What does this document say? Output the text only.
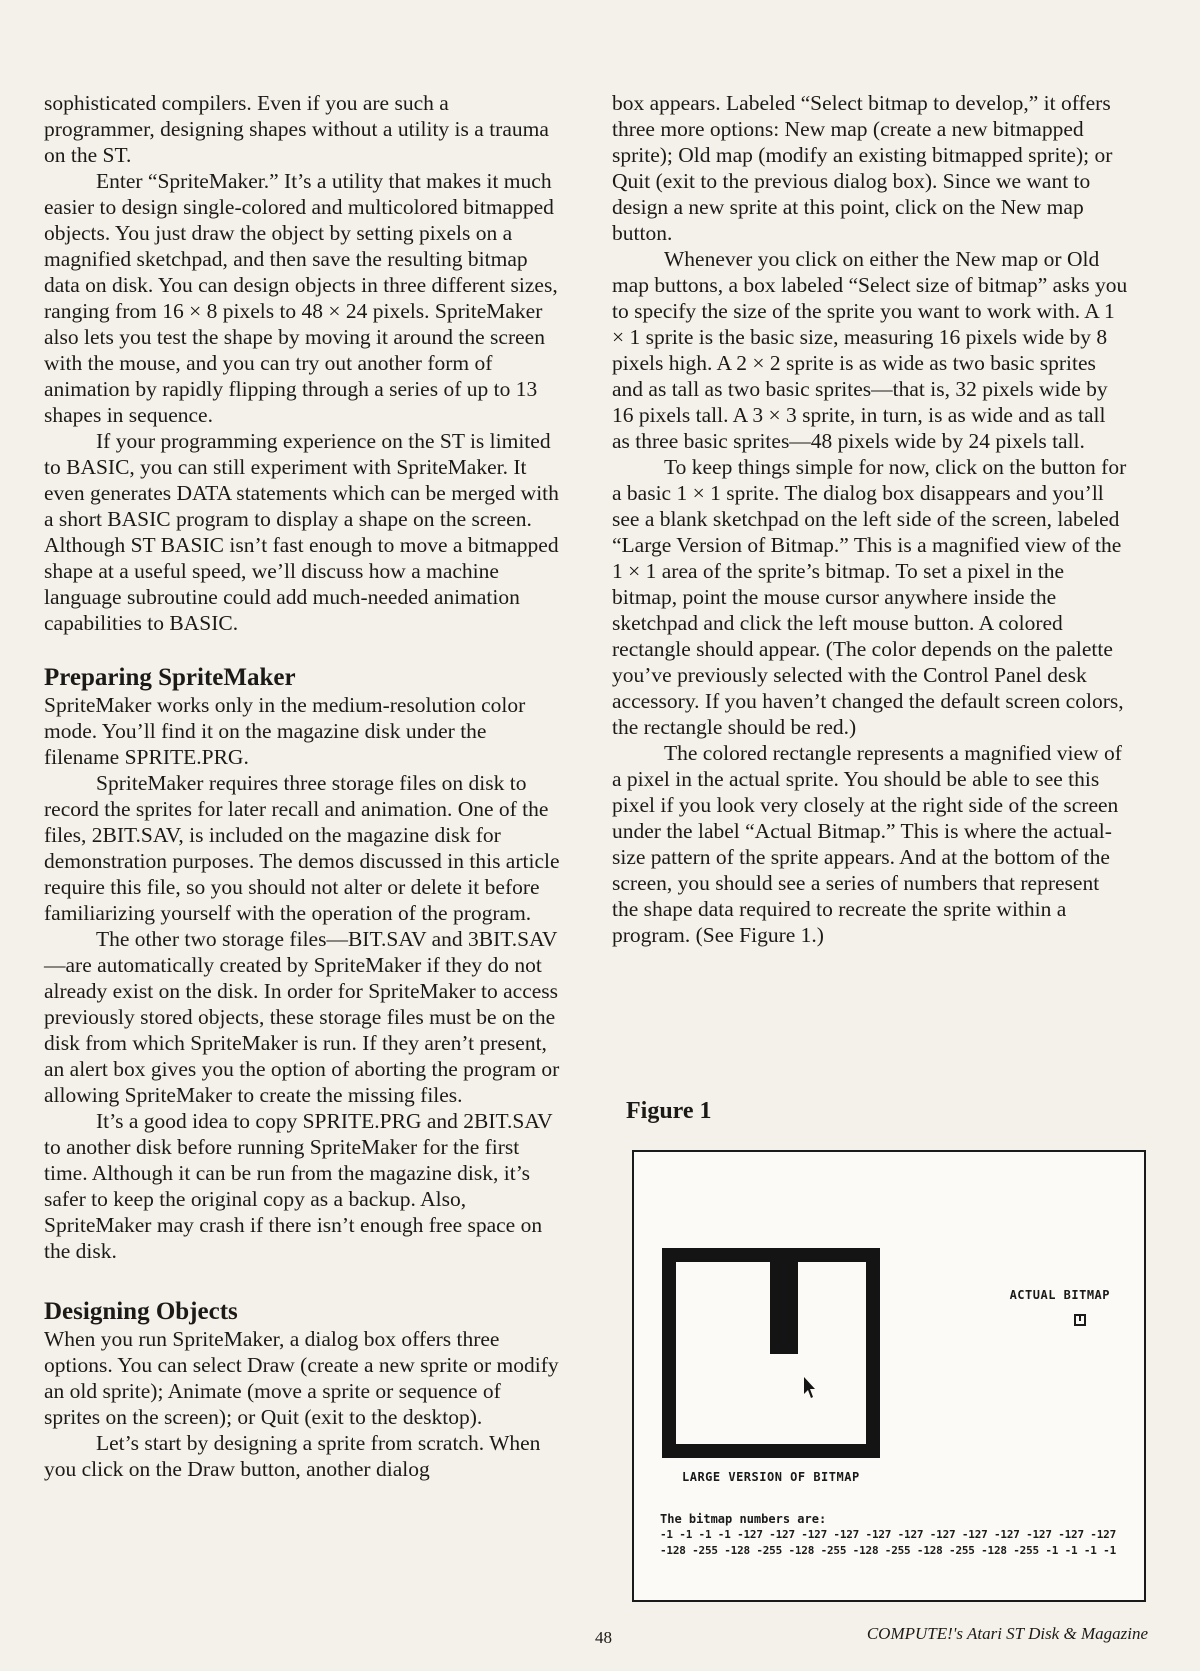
sophisticated compilers. Even if you are such a programmer, designing shapes without a utility is a trauma on the ST.

Enter “SpriteMaker.” It’s a utility that makes it much easier to design single-colored and multicolored bitmapped objects. You just draw the object by setting pixels on a magnified sketchpad, and then save the resulting bitmap data on disk. You can design objects in three different sizes, ranging from 16 × 8 pixels to 48 × 24 pixels. SpriteMaker also lets you test the shape by moving it around the screen with the mouse, and you can try out another form of animation by rapidly flipping through a series of up to 13 shapes in sequence.

If your programming experience on the ST is limited to BASIC, you can still experiment with SpriteMaker. It even generates DATA statements which can be merged with a short BASIC program to display a shape on the screen. Although ST BASIC isn’t fast enough to move a bitmapped shape at a useful speed, we’ll discuss how a machine language subroutine could add much-needed animation capabilities to BASIC.

Preparing SpriteMaker

SpriteMaker works only in the medium-resolution color mode. You’ll find it on the magazine disk under the filename SPRITE.PRG.

SpriteMaker requires three storage files on disk to record the sprites for later recall and animation. One of the files, 2BIT.SAV, is included on the magazine disk for demonstration purposes. The demos discussed in this article require this file, so you should not alter or delete it before familiarizing yourself with the operation of the program.

The other two storage files—BIT.SAV and 3BIT.SAV—are automatically created by SpriteMaker if they do not already exist on the disk. In order for SpriteMaker to access previously stored objects, these storage files must be on the disk from which SpriteMaker is run. If they aren’t present, an alert box gives you the option of aborting the program or allowing SpriteMaker to create the missing files.

It’s a good idea to copy SPRITE.PRG and 2BIT.SAV to another disk before running SpriteMaker for the first time. Although it can be run from the magazine disk, it’s safer to keep the original copy as a backup. Also, SpriteMaker may crash if there isn’t enough free space on the disk.

Designing Objects

When you run SpriteMaker, a dialog box offers three options. You can select Draw (create a new sprite or modify an old sprite); Animate (move a sprite or sequence of sprites on the screen); or Quit (exit to the desktop).

Let’s start by designing a sprite from scratch. When you click on the Draw button, another dialog

box appears. Labeled “Select bitmap to develop,” it offers three more options: New map (create a new bitmapped sprite); Old map (modify an existing bitmapped sprite); or Quit (exit to the previous dialog box). Since we want to design a new sprite at this point, click on the New map button.

Whenever you click on either the New map or Old map buttons, a box labeled “Select size of bitmap” asks you to specify the size of the sprite you want to work with. A 1 × 1 sprite is the basic size, measuring 16 pixels wide by 8 pixels high. A 2 × 2 sprite is as wide as two basic sprites and as tall as two basic sprites—that is, 32 pixels wide by 16 pixels tall. A 3 × 3 sprite, in turn, is as wide and as tall as three basic sprites—48 pixels wide by 24 pixels tall.

To keep things simple for now, click on the button for a basic 1 × 1 sprite. The dialog box disappears and you’ll see a blank sketchpad on the left side of the screen, labeled “Large Version of Bitmap.” This is a magnified view of the 1 × 1 area of the sprite’s bitmap. To set a pixel in the bitmap, point the mouse cursor anywhere inside the sketchpad and click the left mouse button. A colored rectangle should appear. (The color depends on the palette you’ve previously selected with the Control Panel desk accessory. If you haven’t changed the default screen colors, the rectangle should be red.)

The colored rectangle represents a magnified view of a pixel in the actual sprite. You should be able to see this pixel if you look very closely at the right side of the screen under the label “Actual Bitmap.” This is where the actual-size pattern of the sprite appears. And at the bottom of the screen, you should see a series of numbers that represent the shape data required to recreate the sprite within a program. (See Figure 1.)

Figure 1
ACTUAL BITMAP
LARGE VERSION OF BITMAP
The bitmap numbers are:
-1 -1 -1 -1 -127 -127 -127 -127 -127 -127 -127 -127 -127 -127 -127 -127
-128 -255 -128 -255 -128 -255 -128 -255 -128 -255 -128 -255 -1 -1 -1 -1
48	COMPUTE!'s Atari ST Disk & Magazine
